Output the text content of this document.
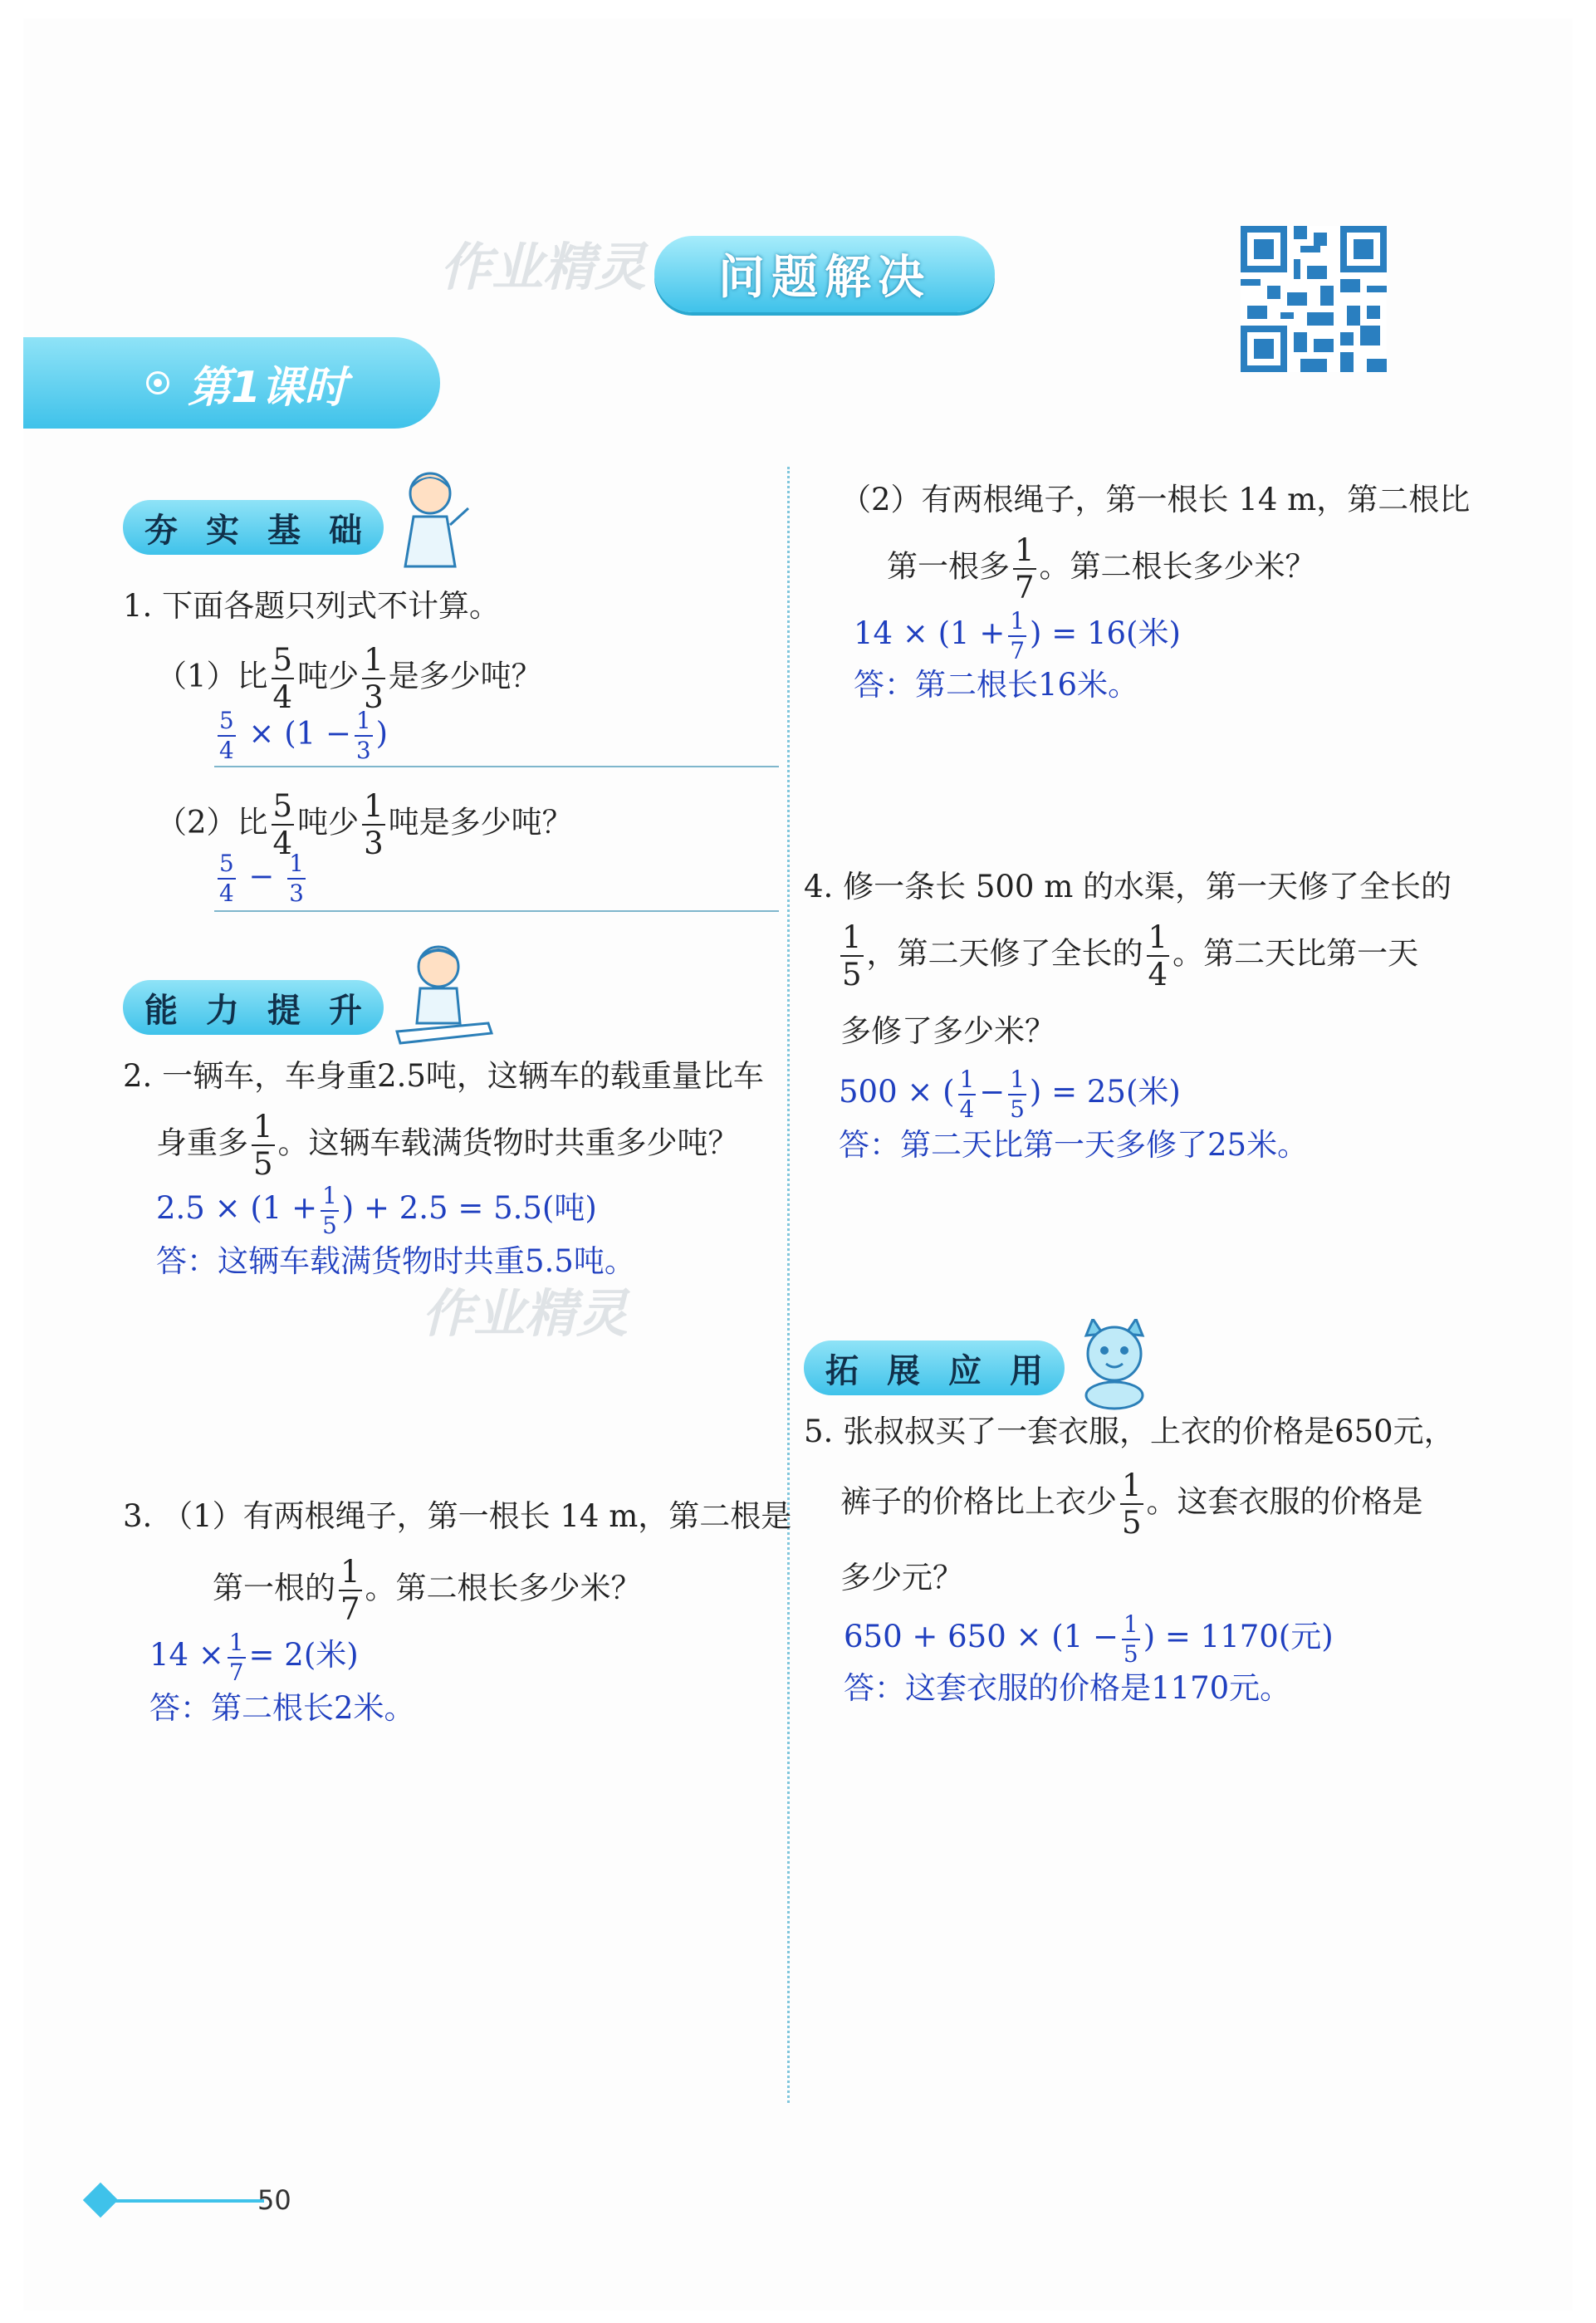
作业精灵 问题解决
第1课时
夯 实 基 础
1. 下面各题只列式不计算。
（1）比 $\frac{5}{4}$ 吨少 $\frac{1}{3}$ 是多少吨？
$\frac{5}{4} \times (1 - \frac{1}{3}$ )
（2）比 $\frac{5}{4}$ 吨少 $\frac{1}{3}$ 吨是多少吨？
$\frac{5}{4} - \frac{1}{3}$
能 力 提 升
2. 一辆车，车身重2.5吨，这辆车的载重量比车
身重多 $\frac{1}{5}$ 。这辆车载满货物时共重多少吨？
$2.5 \times (1 + \frac{1}{5}$ ) + 2.5 = 5.5(吨)
答：这辆车载满货物时共重5.5吨。
作业精灵
3. （1）有两根绳子，第一根长 14 m，第二根是
第一根的 $\frac{1}{7}$ 。第二根长多少米？
$14 \times \frac{1}{7} = 2$(米)
答：第二根长2米。
（2）有两根绳子，第一根长 14 m，第二根比
第一根多 $\frac{1}{7}$ 。第二根长多少米？
$14 \times (1 + \frac{1}{7}$ ) = 16(米)
答：第二根长16米。
4. 修一条长 500 m 的水渠，第一天修了全长的
$\frac{1}{5}$ ，第二天修了全长的 $\frac{1}{4}$ 。第二天比第一天
多修了多少米？
500 × ( $\frac{1}{4} - \frac{1}{5}$ ) = 25(米)
答：第二天比第一天多修了25米。
拓 展 应 用
5. 张叔叔买了一套衣服，上衣的价格是650元，
裤子的价格比上衣少 $\frac{1}{5}$ 。这套衣服的价格是
多少元？
$650 + 650 \times (1 - \frac{1}{5}$ ) = 1170(元)
答：这套衣服的价格是1170元。
50
